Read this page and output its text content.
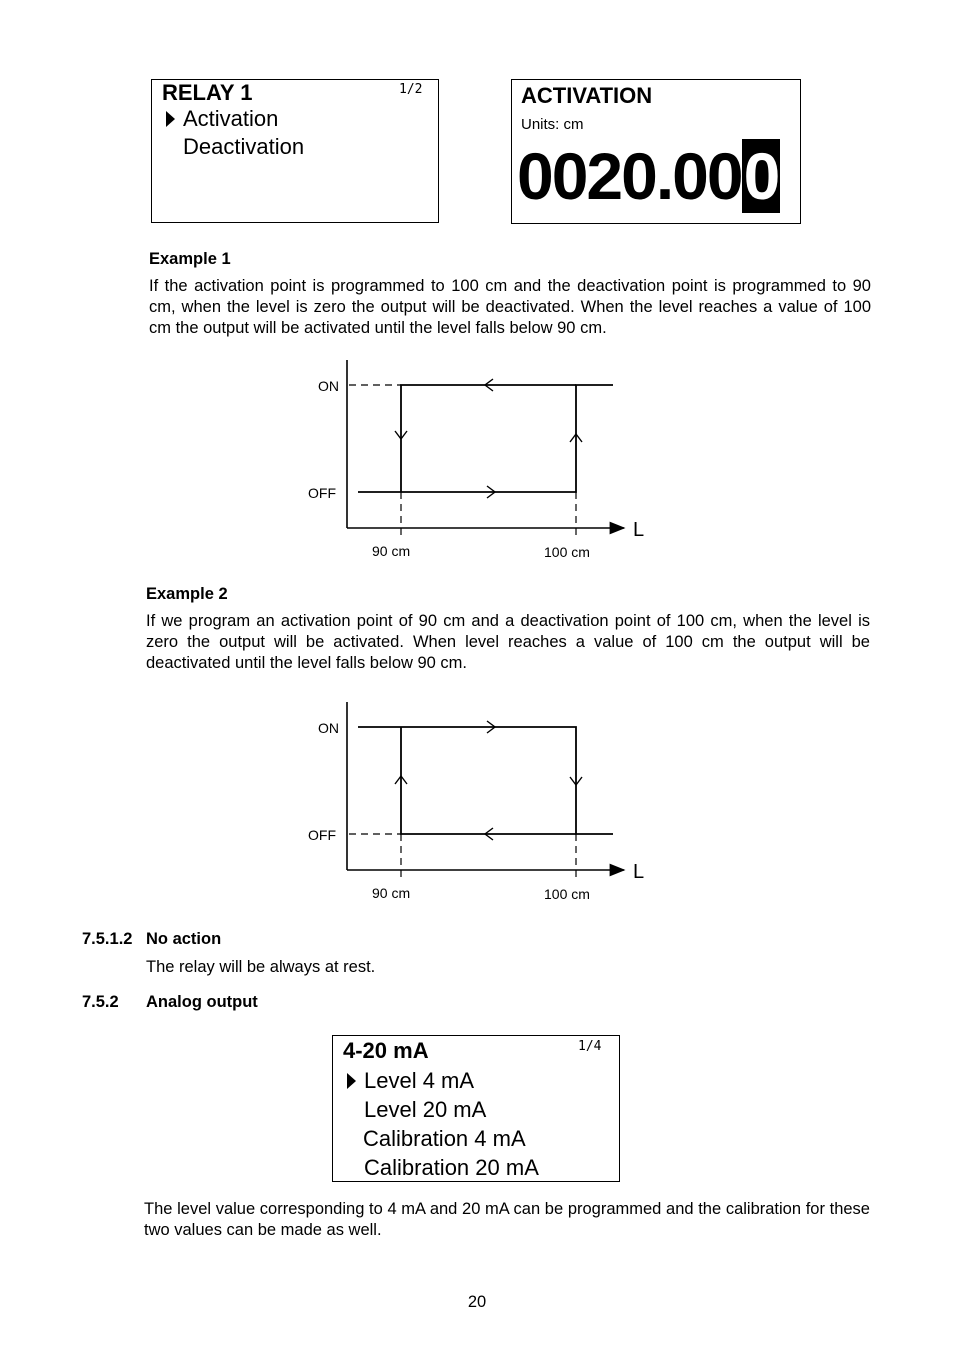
RELAY 1	1/2
Activation
Deactivation
ACTIVATION
Units: cm
0020.000
Example 1
If the activation point is programmed to 100 cm and the deactivation point is programmed to 90 cm, when the level is zero the output will be deactivated. When the level reaches a value of 100 cm the output will be activated until the level falls below 90 cm.
ON
OFF
L
90 cm	100 cm
Example 2
If we program an activation point of 90 cm and a deactivation point of 100 cm, when the level is zero the output will be activated. When level reaches a value of 100 cm the output will be deactivated until the level falls below 90 cm.
ON
OFF
L
90 cm	100 cm
7.5.1.2 No action
The relay will be always at rest.
7.5.2 Analog output
4-20 mA	1/4
Level 4 mA
Level 20 mA
Calibration 4 mA
Calibration 20 mA
The level value corresponding to 4 mA and 20 mA can be programmed and the calibration for these two values can be made as well.
20
